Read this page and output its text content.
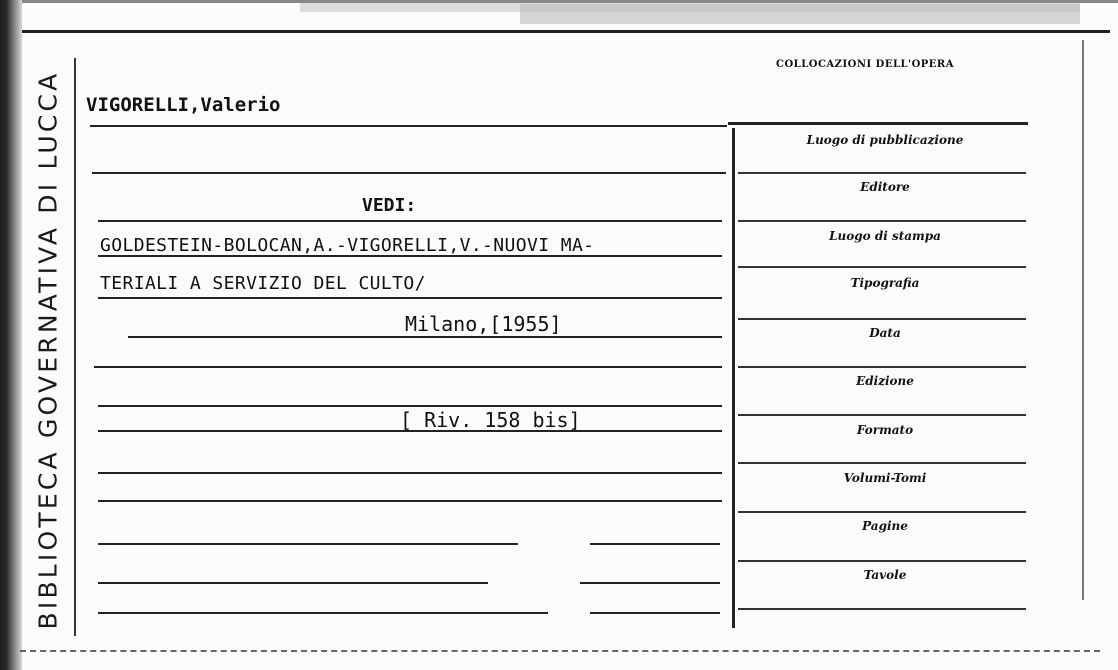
BIBLIOTECA GOVERNATIVA DI LUCCA
COLLOCAZIONI DELL'OPERA
VIGORELLI,Valerio
VEDI:
GOLDESTEIN-BOLOCAN,A.-VIGORELLI,V.-NUOVI MA-
TERIALI A SERVIZIO DEL CULTO/
Milano,[1955]
[ Riv. 158 bis]
Luogo di pubblicazione
Editore
Luogo di stampa
Tipografia
Data
Edizione
Formato
Volumi-Tomi
Pagine
Tavole
